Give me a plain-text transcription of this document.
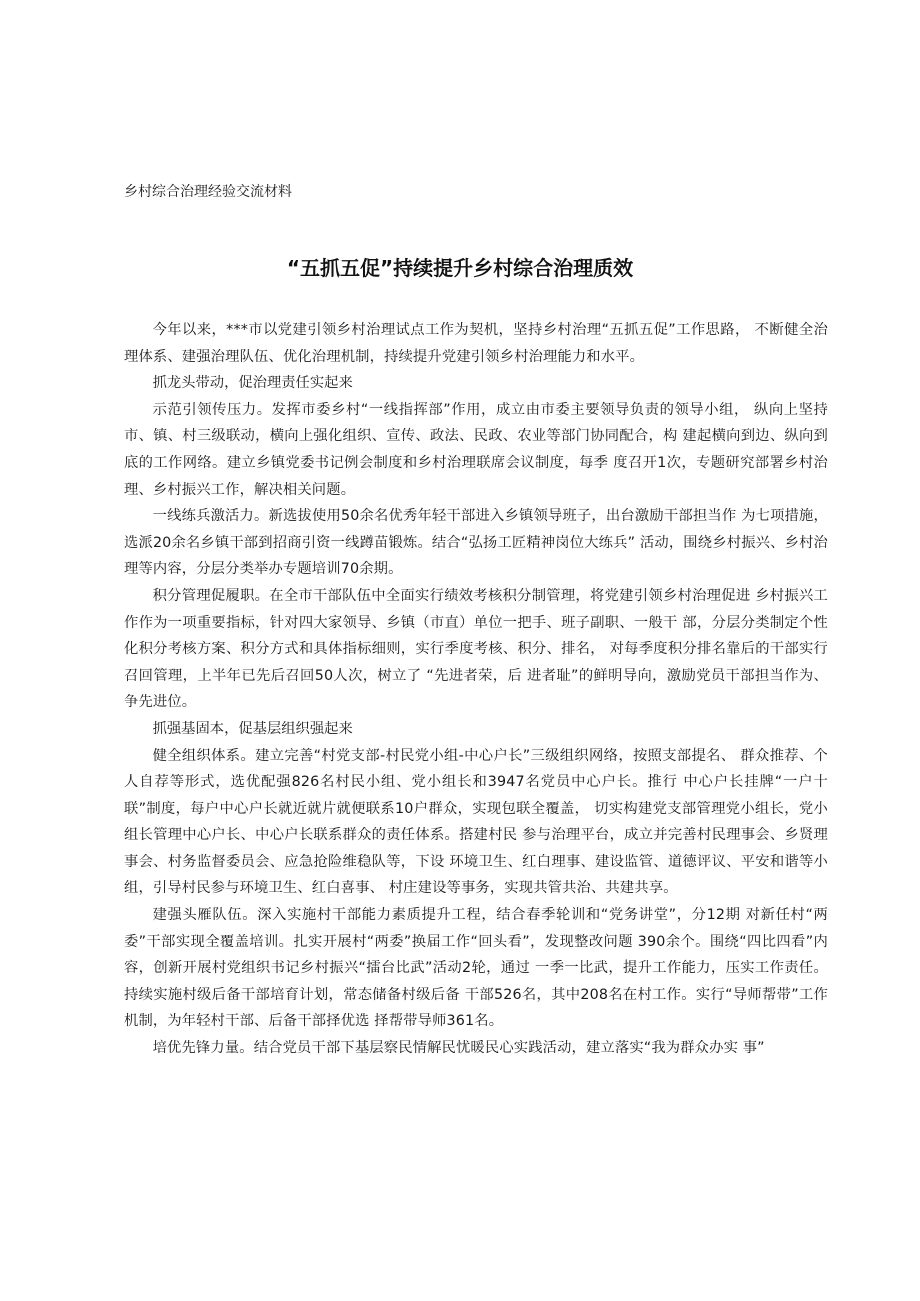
乡村综合治理经验交流材料

“五抓五促”持续提升乡村综合治理质效

今年以来，***市以党建引领乡村治理试点工作为契机，坚持乡村治理“五抓五促”工作思路， 不断健全治理体系、建强治理队伍、优化治理机制，持续提升党建引领乡村治理能力和水平。

抓龙头带动，促治理责任实起来

示范引领传压力。发挥市委乡村“一线指挥部”作用，成立由市委主要领导负责的领导小组， 纵向上坚持市、镇、村三级联动，横向上强化组织、宣传、政法、民政、农业等部门协同配合，构 建起横向到边、纵向到底的工作网络。建立乡镇党委书记例会制度和乡村治理联席会议制度，每季 度召开1次，专题研究部署乡村治理、乡村振兴工作，解决相关问题。

一线练兵激活力。新选拔使用50余名优秀年轻干部进入乡镇领导班子，出台激励干部担当作 为七项措施，选派20余名乡镇干部到招商引资一线蹲苗锻炼。结合“弘扬工匠精神岗位大练兵” 活动，围绕乡村振兴、乡村治理等内容，分层分类举办专题培训70余期。

积分管理促履职。在全市干部队伍中全面实行绩效考核积分制管理，将党建引领乡村治理促进 乡村振兴工作作为一项重要指标，针对四大家领导、乡镇（市直）单位一把手、班子副职、一般干 部，分层分类制定个性化积分考核方案、积分方式和具体指标细则，实行季度考核、积分、排名， 对每季度积分排名靠后的干部实行召回管理，上半年已先后召回50人次，树立了 “先进者荣，后 进者耻”的鲜明导向，激励党员干部担当作为、争先进位。

抓强基固本，促基层组织强起来

健全组织体系。建立完善“村党支部-村民党小组-中心户长”三级组织网络，按照支部提名、 群众推荐、个人自荐等形式，选优配强826名村民小组、党小组长和3947名党员中心户长。推行 中心户长挂牌“一户十联”制度，每户中心户长就近就片就便联系10户群众，实现包联全覆盖， 切实构建党支部管理党小组长，党小组长管理中心户长、中心户长联系群众的责任体系。搭建村民 参与治理平台，成立并完善村民理事会、乡贤理事会、村务监督委员会、应急抢险维稳队等，下设 环境卫生、红白理事、建设监管、道德评议、平安和谐等小组，引导村民参与环境卫生、红白喜事、 村庄建设等事务，实现共管共治、共建共享。

建强头雁队伍。深入实施村干部能力素质提升工程，结合春季轮训和“党务讲堂”，分12期 对新任村“两委”干部实现全覆盖培训。扎实开展村“两委”换届工作“回头看”，发现整改问题 390余个。围绕“四比四看”内容，创新开展村党组织书记乡村振兴“擂台比武”活动2轮，通过 一季一比武，提升工作能力，压实工作责任。持续实施村级后备干部培育计划，常态储备村级后备 干部526名，其中208名在村工作。实行“导师帮带”工作机制，为年轻村干部、后备干部择优选 择帮带导师361名。

培优先锋力量。结合党员干部下基层察民情解民忧暖民心实践活动，建立落实“我为群众办实 事”
